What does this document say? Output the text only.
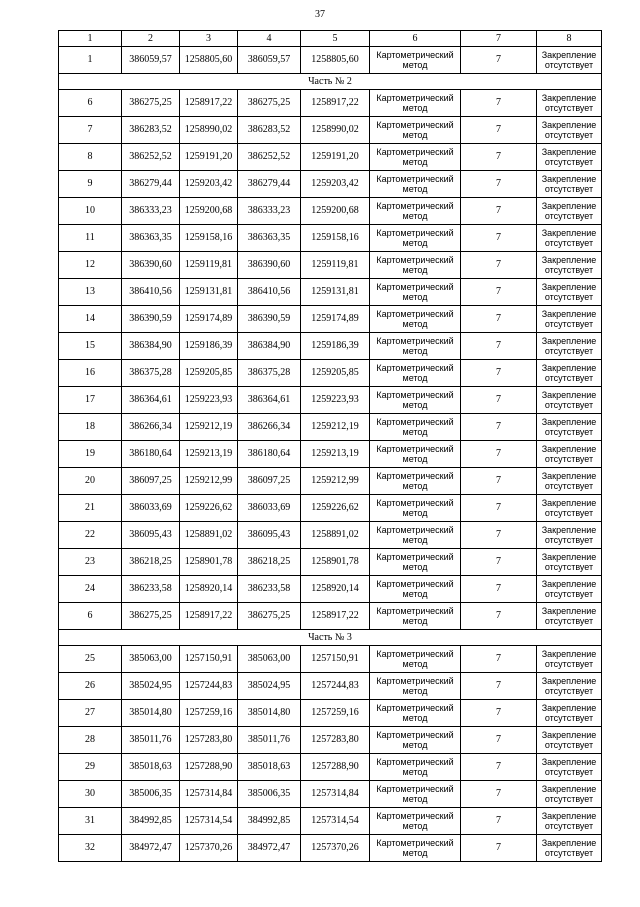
37
1	2	3	4	5	6	7	8
1	386059,57	1258805,60	386059,57	1258805,60	Картометрический метод	7	Закрепление отсутствует
Часть № 2							
6	386275,25	1258917,22	386275,25	1258917,22	Картометрический метод	7	Закрепление отсутствует
7	386283,52	1258990,02	386283,52	1258990,02	Картометрический метод	7	Закрепление отсутствует
8	386252,52	1259191,20	386252,52	1259191,20	Картометрический метод	7	Закрепление отсутствует
9	386279,44	1259203,42	386279,44	1259203,42	Картометрический метод	7	Закрепление отсутствует
10	386333,23	1259200,68	386333,23	1259200,68	Картометрический метод	7	Закрепление отсутствует
11	386363,35	1259158,16	386363,35	1259158,16	Картометрический метод	7	Закрепление отсутствует
12	386390,60	1259119,81	386390,60	1259119,81	Картометрический метод	7	Закрепление отсутствует
13	386410,56	1259131,81	386410,56	1259131,81	Картометрический метод	7	Закрепление отсутствует
14	386390,59	1259174,89	386390,59	1259174,89	Картометрический метод	7	Закрепление отсутствует
15	386384,90	1259186,39	386384,90	1259186,39	Картометрический метод	7	Закрепление отсутствует
16	386375,28	1259205,85	386375,28	1259205,85	Картометрический метод	7	Закрепление отсутствует
17	386364,61	1259223,93	386364,61	1259223,93	Картометрический метод	7	Закрепление отсутствует
18	386266,34	1259212,19	386266,34	1259212,19	Картометрический метод	7	Закрепление отсутствует
19	386180,64	1259213,19	386180,64	1259213,19	Картометрический метод	7	Закрепление отсутствует
20	386097,25	1259212,99	386097,25	1259212,99	Картометрический метод	7	Закрепление отсутствует
21	386033,69	1259226,62	386033,69	1259226,62	Картометрический метод	7	Закрепление отсутствует
22	386095,43	1258891,02	386095,43	1258891,02	Картометрический метод	7	Закрепление отсутствует
23	386218,25	1258901,78	386218,25	1258901,78	Картометрический метод	7	Закрепление отсутствует
24	386233,58	1258920,14	386233,58	1258920,14	Картометрический метод	7	Закрепление отсутствует
6	386275,25	1258917,22	386275,25	1258917,22	Картометрический метод	7	Закрепление отсутствует
Часть № 3							
25	385063,00	1257150,91	385063,00	1257150,91	Картометрический метод	7	Закрепление отсутствует
26	385024,95	1257244,83	385024,95	1257244,83	Картометрический метод	7	Закрепление отсутствует
27	385014,80	1257259,16	385014,80	1257259,16	Картометрический метод	7	Закрепление отсутствует
28	385011,76	1257283,80	385011,76	1257283,80	Картометрический метод	7	Закрепление отсутствует
29	385018,63	1257288,90	385018,63	1257288,90	Картометрический метод	7	Закрепление отсутствует
30	385006,35	1257314,84	385006,35	1257314,84	Картометрический метод	7	Закрепление отсутствует
31	384992,85	1257314,54	384992,85	1257314,54	Картометрический метод	7	Закрепление отсутствует
32	384972,47	1257370,26	384972,47	1257370,26	Картометрический метод	7	Закрепление отсутствует
